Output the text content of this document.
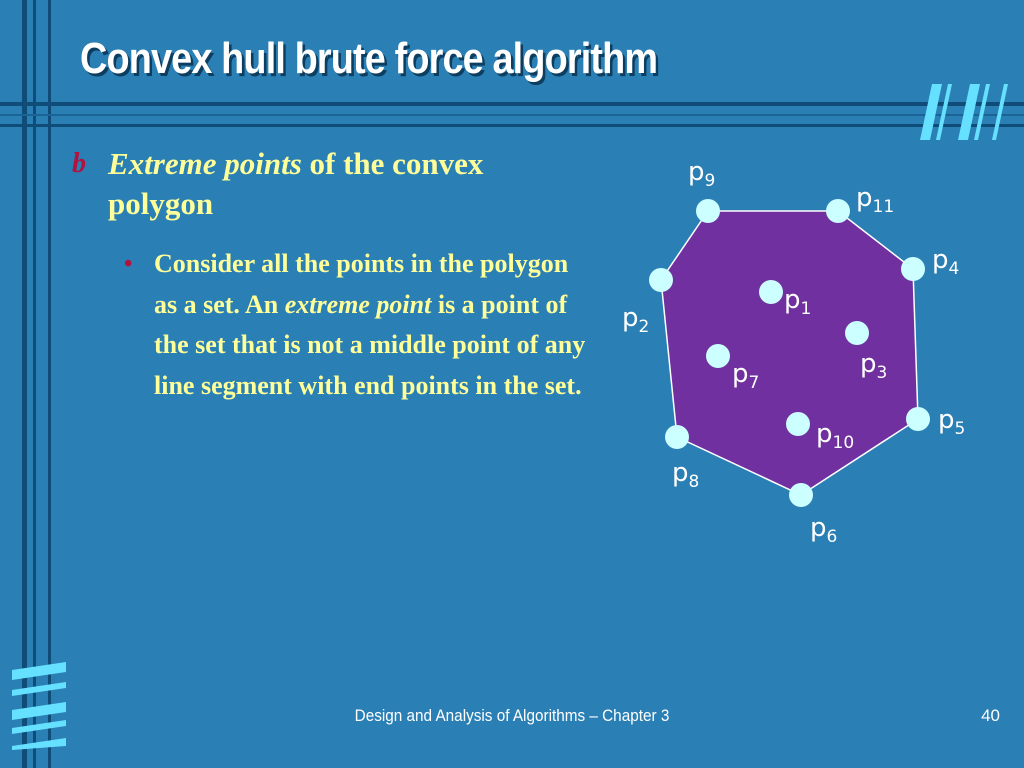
Convex hull brute force algorithm
b Extreme points of the convex polygon
• Consider all the points in the polygon as a set. An extreme point is a point of the set that is not a middle point of any line segment with end points in the set.
$p_9$
$p_{11}$
$p_4$
$p_5$
$p_6$
$p_8$
$p_2$
$p_1$
$p_3$
$p_7$
$p_{10}$
Design and Analysis of Algorithms – Chapter 3	40
